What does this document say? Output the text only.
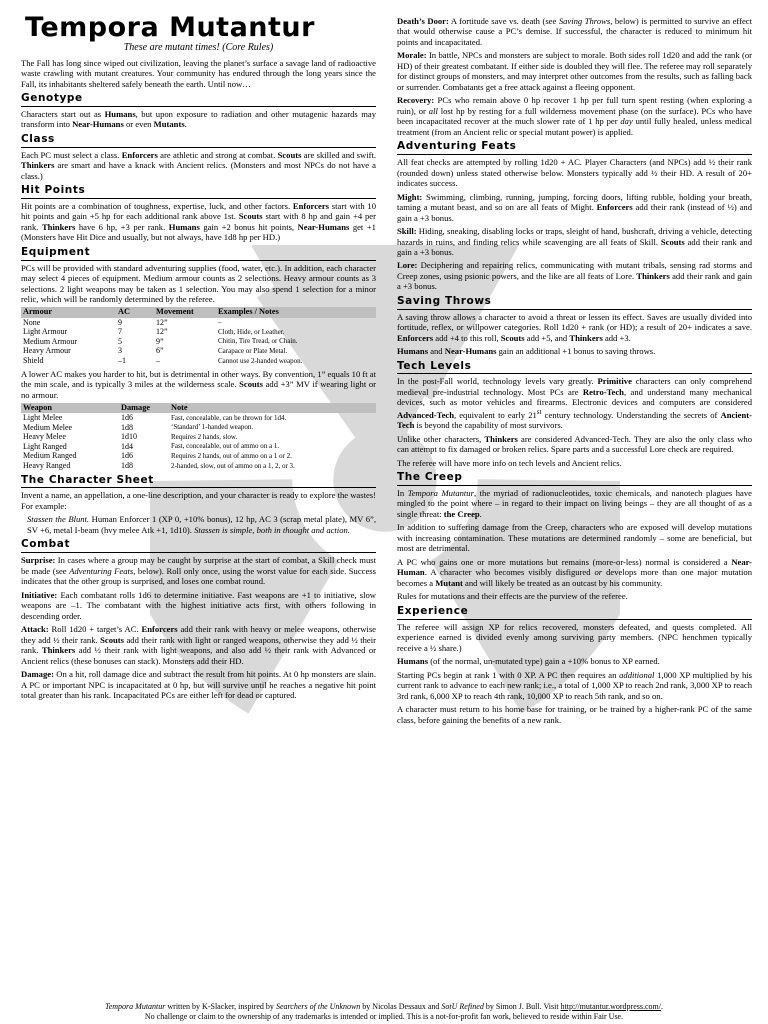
Tempora Mutantur
These are mutant times! (Core Rules)

The Fall has long since wiped out civilization, leaving the planet’s surface a savage land of radioactive waste crawling with mutant creatures. Your community has endured through the long years since the Fall, its inhabitants sheltered safely beneath the earth. Until now…

Genotype

Characters start out as Humans, but upon exposure to radiation and other mutagenic hazards may transform into Near-Humans or even Mutants.

Class

Each PC must select a class. Enforcers are athletic and strong at combat. Scouts are skilled and swift. Thinkers are smart and have a knack with Ancient relics. (Monsters and most NPCs do not have a class.)

Hit Points

Hit points are a combination of toughness, expertise, luck, and other factors. Enforcers start with 10 hit points and gain +5 hp for each additional rank above 1st. Scouts start with 8 hp and gain +4 per rank. Thinkers have 6 hp, +3 per rank. Humans gain +2 bonus hit points, Near-Humans get +1 (Monsters have Hit Dice and usually, but not always, have 1d8 hp per HD.)

Equipment

PCs will be provided with standard adventuring supplies (food, water, etc.). In addition, each character may select 4 pieces of equipment. Medium armour counts as 2 selections. Heavy armour counts as 3 selections. 2 light weapons may be taken as 1 selection. You may also spend 1 selection for a minor relic, which will be randomly determined by the referee.

Armour	AC	Movement	Examples / Notes
None	9	12”	–
Light Armour	7	12”	Cloth, Hide, or Leather.
Medium Armour	5	9”	Chitin, Tire Tread, or Chain.
Heavy Armour	3	6”	Carapace or Plate Metal.
Shield	–1	–	Cannot use 2-handed weapon.

A lower AC makes you harder to hit, but is detrimental in other ways. By convention, 1” equals 10 ft at the min scale, and is typically 3 miles at the wilderness scale. Scouts add +3” MV if wearing light or no armour.

Weapon	Damage	Note
Light Melee	1d6	Fast, concealable, can be thrown for 1d4.
Medium Melee	1d8	‘Standard’ 1-handed weapon.
Heavy Melee	1d10	Requires 2 hands, slow.
Light Ranged	1d4	Fast, concealable, out of ammo on a 1.
Medium Ranged	1d6	Requires 2 hands, out of ammo on a 1 or 2.
Heavy Ranged	1d8	2-handed, slow, out of ammo on a 1, 2, or 3.
The Character Sheet

Invent a name, an appellation, a one-line description, and your character is ready to explore the wastes! For example:

Stassen the Blunt. Human Enforcer 1 (XP 0, +10% bonus), 12 hp, AC 3 (scrap metal plate), MV 6”, SV +6, metal I-beam (hvy melee Atk +1, 1d10). Stassen is simple, both in thought and action.

Combat

Surprise: In cases where a group may be caught by surprise at the start of combat, a Skill check must be made (see Adventuring Feats, below). Roll only once, using the worst value for each side. Success indicates that the other group is surprised, and loses one combat round.

Initiative: Each combatant rolls 1d6 to determine initiative. Fast weapons are +1 to initiative, slow weapons are –1. The combatant with the highest initiative acts first, with others following in descending order.

Attack: Roll 1d20 + target’s AC. Enforcers add their rank with heavy or melee weapons, otherwise they add ½ their rank. Scouts add their rank with light or ranged weapons, otherwise they add ½ their rank. Thinkers add ½ their rank with light weapons, and also add ½ their rank with Advanced or Ancient relics (these bonuses can stack). Monsters add their HD.

Damage: On a hit, roll damage dice and subtract the result from hit points. At 0 hp monsters are slain. A PC or important NPC is incapacitated at 0 hp, but will survive until he reaches a negative hit point total greater than his rank. Incapacitated PCs are either left for dead or captured.

Death’s Door: A fortitude save vs. death (see Saving Throws, below) is permitted to survive an effect that would otherwise cause a PC’s demise. If successful, the character is reduced to minimum hit points and incapacitated.

Morale: In battle, NPCs and monsters are subject to morale. Both sides roll 1d20 and add the rank (or HD) of their greatest combatant. If either side is doubled they will flee. The referee may roll separately for distinct groups of monsters, and may interpret other outcomes from the results, such as falling back or surrender. Combatants get a free attack against a fleeing opponent.

Recovery: PCs who remain above 0 hp recover 1 hp per full turn spent resting (when exploring a ruin), or all lost hp by resting for a full wilderness movement phase (on the surface). PCs who have been incapacitated recover at the much slower rate of 1 hp per day until fully healed, unless medical treatment (from an Ancient relic or special mutant power) is applied.

Adventuring Feats

All feat checks are attempted by rolling 1d20 + AC. Player Characters (and NPCs) add ½ their rank (rounded down) unless stated otherwise below. Monsters typically add ½ their HD. A result of 20+ indicates success.

Might: Swimming, climbing, running, jumping, forcing doors, lifting rubble, holding your breath, taming a mutant beast, and so on are all feats of Might. Enforcers add their rank (instead of ½) and gain a +3 bonus.

Skill: Hiding, sneaking, disabling locks or traps, sleight of hand, bushcraft, driving a vehicle, detecting hazards in ruins, and finding relics while scavenging are all feats of Skill. Scouts add their rank and gain a +3 bonus.

Lore: Deciphering and repairing relics, communicating with mutant tribals, sensing rad storms and Creep zones, using psionic powers, and the like are all feats of Lore. Thinkers add their rank and gain a +3 bonus.

Saving Throws

A saving throw allows a character to avoid a threat or lessen its effect. Saves are usually divided into fortitude, reflex, or willpower categories. Roll 1d20 + rank (or HD); a result of 20+ indicates a save. Enforcers add +4 to this roll, Scouts add +5, and Thinkers add +3.

Humans and Near-Humans gain an additional +1 bonus to saving throws.

Tech Levels

In the post-Fall world, technology levels vary greatly. Primitive characters can only comprehend medieval pre-industrial technology. Most PCs are Retro-Tech, and understand many mechanical devices, such as motor vehicles and firearms. Electronic devices and computers are considered Advanced-Tech, equivalent to early 21st century technology. Understanding the secrets of Ancient-Tech is beyond the capability of most survivors.

Unlike other characters, Thinkers are considered Advanced-Tech. They are also the only class who can attempt to fix damaged or broken relics. Spare parts and a successful Lore check are required.

The referee will have more info on tech levels and Ancient relics.

The Creep

In Tempora Mutantur, the myriad of radionucleotides, toxic chemicals, and nanotech plagues have mingled to the point where – in regard to their impact on living beings – they are all thought of as a single threat: the Creep.

In addition to suffering damage from the Creep, characters who are exposed will develop mutations with increasing contamination. These mutations are determined randomly – some are beneficial, but most are detrimental.

A PC who gains one or more mutations but remains (more-or-less) normal is considered a Near-Human. A character who becomes visibly disfigured or develops more than one major mutation becomes a Mutant and will likely be treated as an outcast by his community.

Rules for mutations and their effects are the purview of the referee.

Experience

The referee will assign XP for relics recovered, monsters defeated, and quests completed. All experience earned is divided evenly among surviving party members. (NPC henchmen typically receive a ½ share.)

Humans (of the normal, un-mutated type) gain a +10% bonus to XP earned.

Starting PCs begin at rank 1 with 0 XP. A PC then requires an additional 1,000 XP multiplied by his current rank to advance to each new rank; i.e., a total of 1,000 XP to reach 2nd rank, 3,000 XP to reach 3rd rank, 6,000 XP to reach 4th rank, 10,000 XP to reach 5th rank, and so on.

A character must return to his home base for training, or be trained by a higher-rank PC of the same class, before gaining the benefits of a new rank.

Tempora Mutantur written by K-Slacker, inspired by Searchers of the Unknown by Nicolas Dessaux and SotU Refined by Simon J. Bull. Visit http://mutantur.wordpress.com/.
No challenge or claim to the ownership of any trademarks is intended or implied. This is a not-for-profit fan work, believed to reside within Fair Use.
